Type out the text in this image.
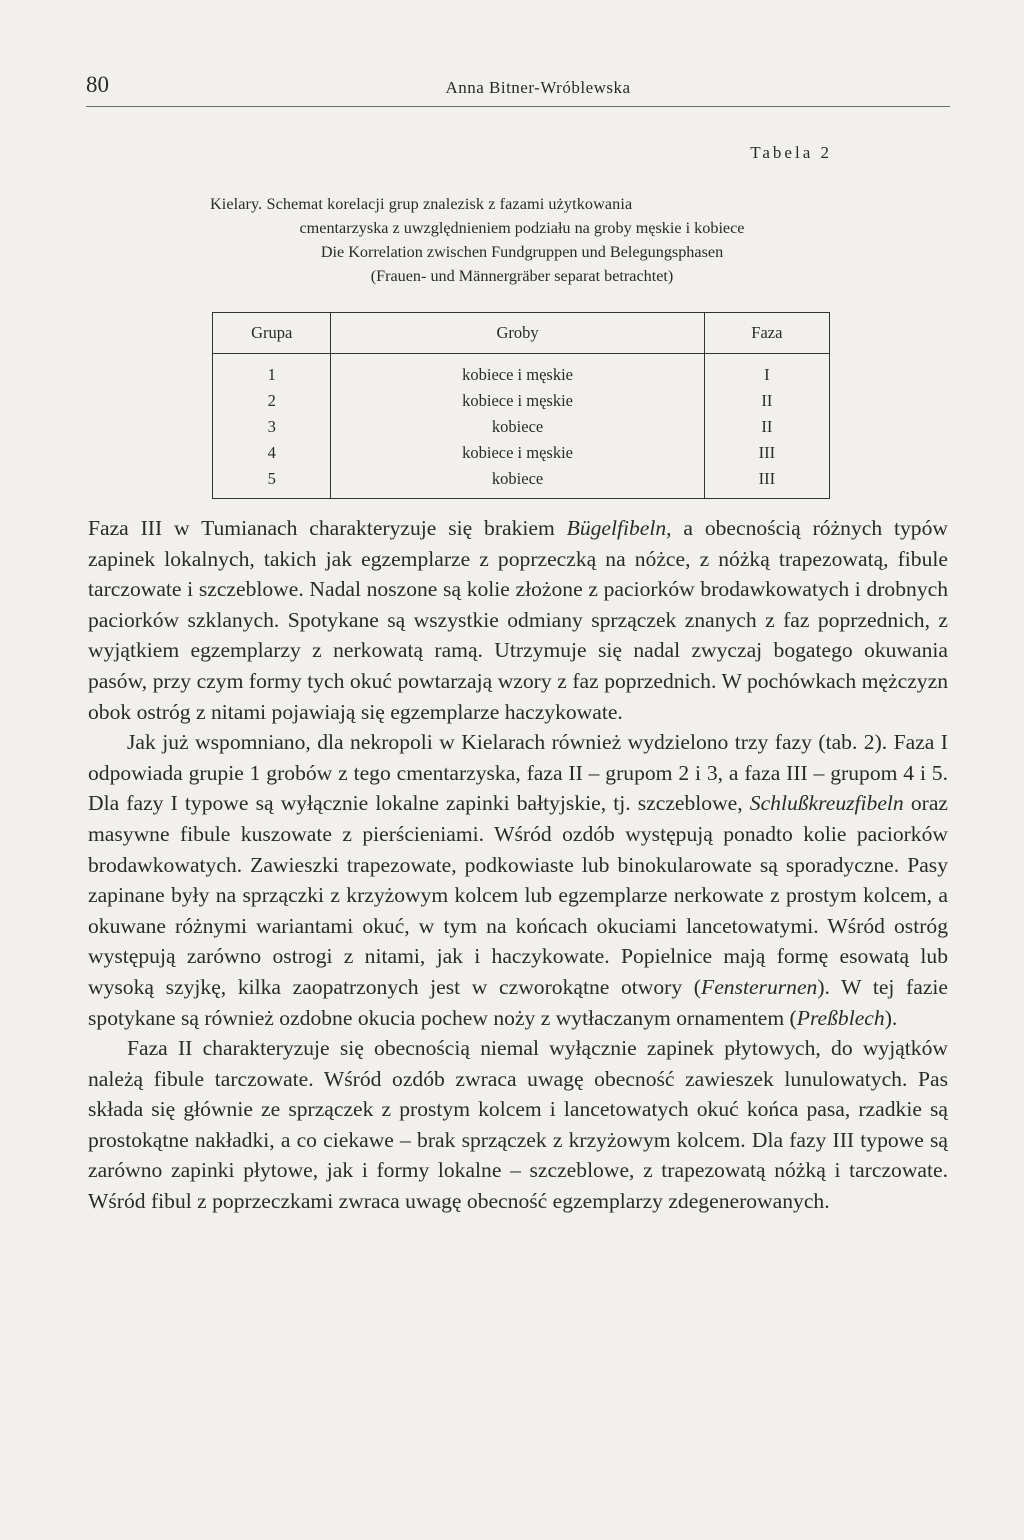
80	Anna Bitner-Wróblewska
Tabela 2
Kielary. Schemat korelacji grup znalezisk z fazami użytkowania
cmentarzyska z uwzględnieniem podziału na groby męskie i kobiece
Die Korrelation zwischen Fundgruppen und Belegungsphasen
(Frauen- und Männergräber separat betrachtet)
Grupa	Groby	Faza
1	kobiece i męskie	I
2	kobiece i męskie	II
3	kobiece	II
4	kobiece i męskie	III
5	kobiece	III

Faza III w Tumianach charakteryzuje się brakiem Bügelfibeln, a obecnością różnych typów zapinek lokalnych, takich jak egzemplarze z poprzeczką na nóżce, z nóżką trapezowatą, fibule tarczowate i szczeblowe. Nadal noszone są kolie złożone z paciorków brodawkowatych i drobnych paciorków szklanych. Spotykane są wszystkie odmiany sprzączek znanych z faz poprzednich, z wyjątkiem egzemplarzy z nerkowatą ramą. Utrzymuje się nadal zwyczaj bogatego okuwania pasów, przy czym formy tych okuć powtarzają wzory z faz poprzednich. W pochówkach mężczyzn obok ostróg z nitami pojawiają się egzemplarze haczykowate.

Jak już wspomniano, dla nekropoli w Kielarach również wydzielono trzy fazy (tab. 2). Faza I odpowiada grupie 1 grobów z tego cmentarzyska, faza II – grupom 2 i 3, a faza III – grupom 4 i 5. Dla fazy I typowe są wyłącznie lokalne zapinki bałtyjskie, tj. szczeblowe, Schlußkreuzfibeln oraz masywne fibule kuszowate z pierścieniami. Wśród ozdób występują ponadto kolie paciorków brodawkowatych. Zawieszki trapezowate, podkowiaste lub binokularowate są sporadyczne. Pasy zapinane były na sprzączki z krzyżowym kolcem lub egzemplarze nerkowate z prostym kolcem, a okuwane różnymi wariantami okuć, w tym na końcach okuciami lancetowatymi. Wśród ostróg występują zarówno ostrogi z nitami, jak i haczykowate. Popielnice mają formę esowatą lub wysoką szyjkę, kilka zaopatrzonych jest w czworokątne otwory (Fensterurnen). W tej fazie spotykane są również ozdobne okucia pochew noży z wytłaczanym ornamentem (Preßblech).

Faza II charakteryzuje się obecnością niemal wyłącznie zapinek płytowych, do wyjątków należą fibule tarczowate. Wśród ozdób zwraca uwagę obecność zawieszek lunulowatych. Pas składa się głównie ze sprzączek z prostym kolcem i lancetowatych okuć końca pasa, rzadkie są prostokątne nakładki, a co ciekawe – brak sprzączek z krzyżowym kolcem. Dla fazy III typowe są zarówno zapinki płytowe, jak i formy lokalne – szczeblowe, z trapezowatą nóżką i tarczowate. Wśród fibul z poprzeczkami zwraca uwagę obecność egzemplarzy zdegenerowanych.
